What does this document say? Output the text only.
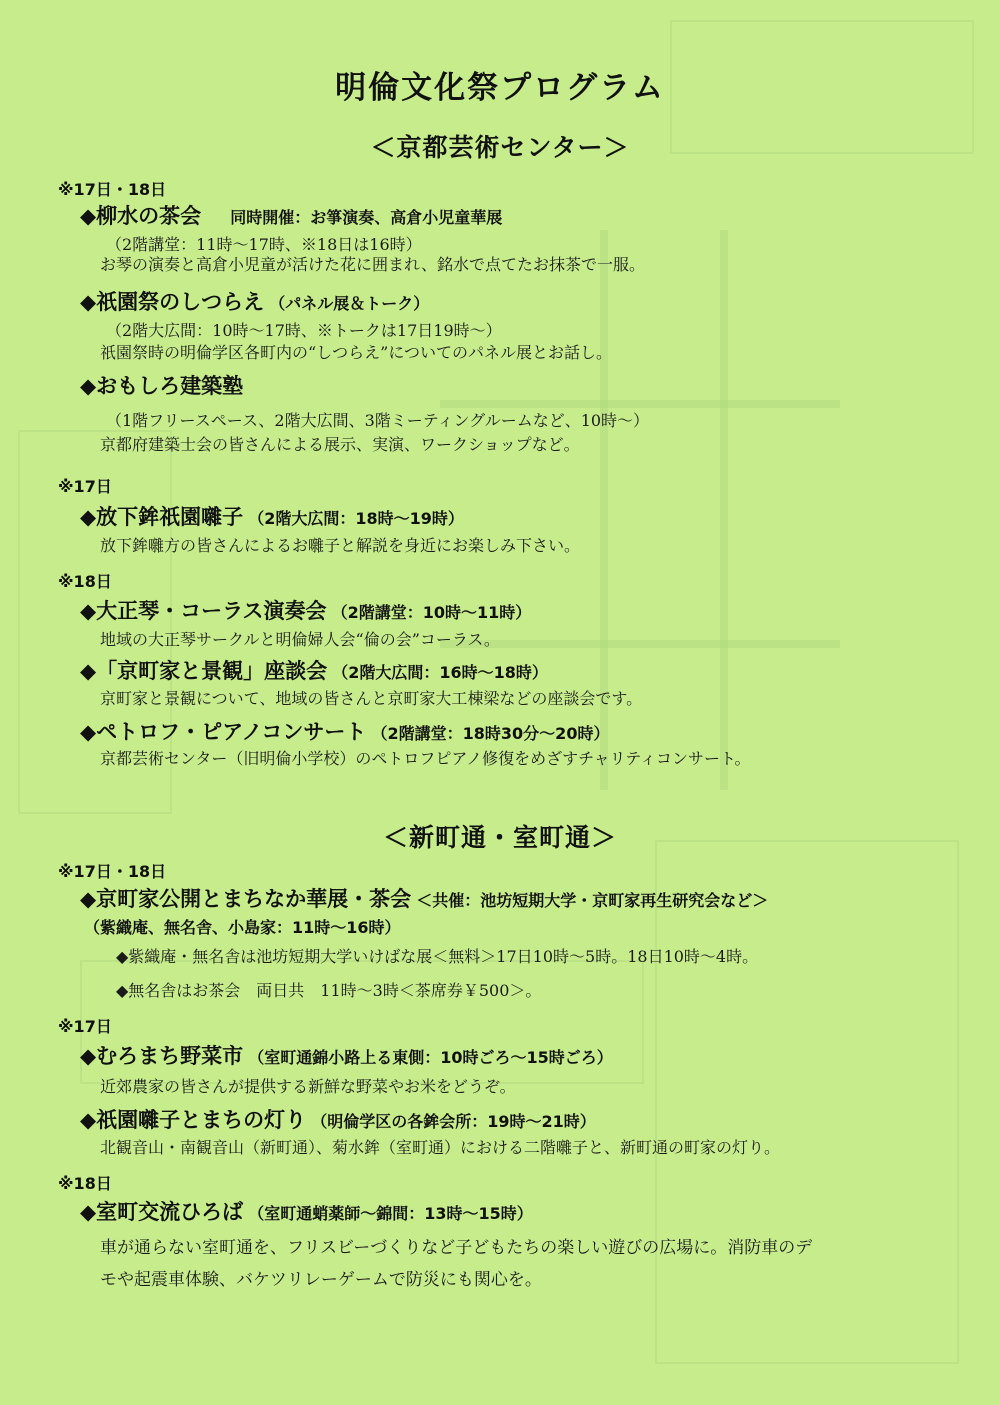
明倫文化祭プログラム
＜京都芸術センター＞
※17日・18日
◆柳水の茶会 同時開催：お箏演奏、高倉小児童華展
（2階講堂：11時〜17時、※18日は16時）
お琴の演奏と高倉小児童が活けた花に囲まれ、銘水で点てたお抹茶で一服。
◆祇園祭のしつらえ （パネル展＆トーク）
（2階大広間：10時〜17時、※トークは17日19時〜）
祇園祭時の明倫学区各町内の“しつらえ”についてのパネル展とお話し。
◆おもしろ建築塾
（1階フリースペース、2階大広間、3階ミーティングルームなど、10時〜）
京都府建築士会の皆さんによる展示、実演、ワークショップなど。
※17日
◆放下鉾祇園囃子 （2階大広間：18時〜19時）
放下鉾囃方の皆さんによるお囃子と解説を身近にお楽しみ下さい。
※18日
◆大正琴・コーラス演奏会 （2階講堂：10時〜11時）
地域の大正琴サークルと明倫婦人会“倫の会”コーラス。
◆「京町家と景観」座談会 （2階大広間：16時〜18時）
京町家と景観について、地域の皆さんと京町家大工棟梁などの座談会です。
◆ペトロフ・ピアノコンサート （2階講堂：18時30分〜20時）
京都芸術センター（旧明倫小学校）のペトロフピアノ修復をめざすチャリティコンサート。
＜新町通・室町通＞
※17日・18日
◆京町家公開とまちなか華展・茶会 ＜共催：池坊短期大学・京町家再生研究会など＞
（紫織庵、無名舎、小島家：11時〜16時）
◆紫織庵・無名舎は池坊短期大学いけばな展＜無料＞17日10時〜5時。18日10時〜4時。
◆無名舎はお茶会　両日共　11時〜3時＜茶席券￥500＞。
※17日
◆むろまち野菜市 （室町通錦小路上る東側：10時ごろ〜15時ごろ）
近郊農家の皆さんが提供する新鮮な野菜やお米をどうぞ。
◆祇園囃子とまちの灯り （明倫学区の各鉾会所：19時〜21時）
北観音山・南観音山（新町通）、菊水鉾（室町通）における二階囃子と、新町通の町家の灯り。
※18日
◆室町交流ひろば （室町通蛸薬師〜錦間：13時〜15時）
車が通らない室町通を、フリスビーづくりなど子どもたちの楽しい遊びの広場に。消防車のデ
モや起震車体験、バケツリレーゲームで防災にも関心を。
